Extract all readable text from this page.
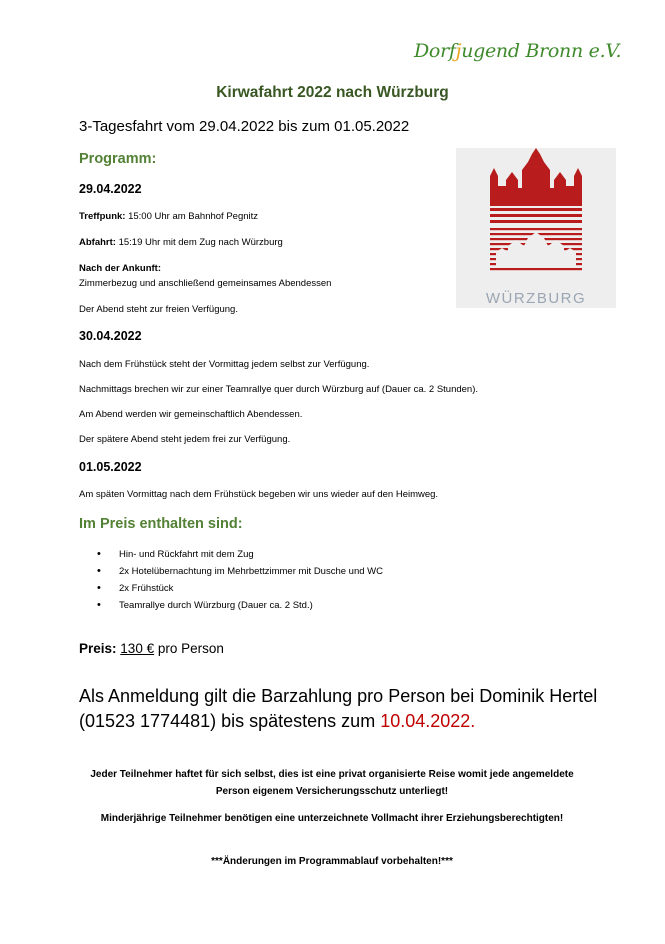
Dorfjugend Bronn e.V.
Kirwafahrt 2022 nach Würzburg
3-Tagesfahrt vom 29.04.2022 bis zum 01.05.2022
Programm:
29.04.2022
Treffpunk: 15:00 Uhr am Bahnhof Pegnitz
Abfahrt: 15:19 Uhr mit dem Zug nach Würzburg
Nach der Ankunft:
Zimmerbezug und anschließend gemeinsames Abendessen
Der Abend steht zur freien Verfügung.
30.04.2022
Nach dem Frühstück steht der Vormittag jedem selbst zur Verfügung.
Nachmittags brechen wir zur einer Teamrallye quer durch Würzburg auf (Dauer ca. 2 Stunden).
Am Abend werden wir gemeinschaftlich Abendessen.
Der spätere Abend steht jedem frei zur Verfügung.
01.05.2022
Am späten Vormittag nach dem Frühstück begeben wir uns wieder auf den Heimweg.
Im Preis enthalten sind:
• Hin- und Rückfahrt mit dem Zug
• 2x Hotelübernachtung im Mehrbettzimmer mit Dusche und WC
• 2x Frühstück
• Teamrallye durch Würzburg (Dauer ca. 2 Std.)
Preis: 130 € pro Person
Als Anmeldung gilt die Barzahlung pro Person bei Dominik Hertel (01523 1774481) bis spätestens zum 10.04.2022.
Jeder Teilnehmer haftet für sich selbst, dies ist eine privat organisierte Reise womit jede angemeldete Person eigenem Versicherungsschutz unterliegt!
Minderjährige Teilnehmer benötigen eine unterzeichnete Vollmacht ihrer Erziehungsberechtigten!
***Änderungen im Programmablauf vorbehalten!***
WÜRZBURG
